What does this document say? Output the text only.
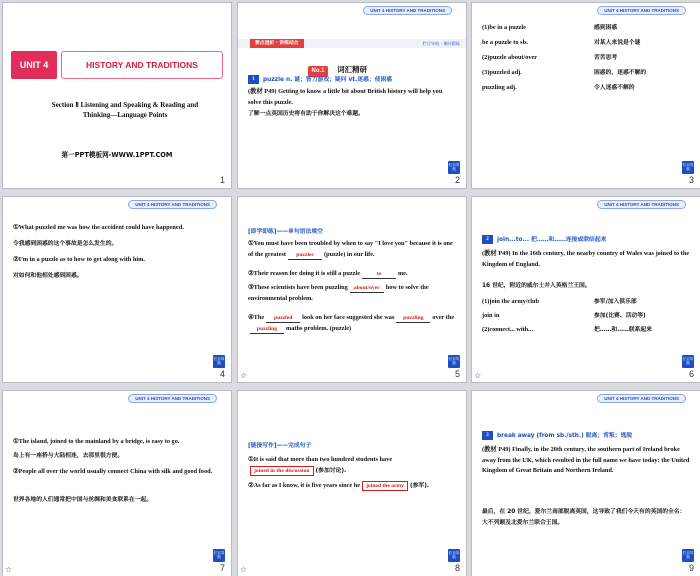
UNIT 4	HISTORY AND TRADITIONS
Section Ⅱ Listening and Speaking & Reading and Thinking—Language Points
第一PPT模板网-WWW.1PPT.COM
1
要点透析 · 讲练结合	栏目导航 · 课时精练
UNIT 4 HISTORY AND TRADITIONS
No.1 词汇精研
1 puzzle n. 谜；智力游戏；疑问 vt.迷惑；使困惑
(教材 P49) Getting to know a little bit about British history will help you solve this puzzle.
了解一点英国历史将有助于你解决这个难题。
栏目导航
2
UNIT 4 HISTORY AND TRADITIONS
(1)be in a puzzle	感到困惑
be a puzzle to sb.	对某人来说是个谜
(2)puzzle about/over	苦苦思考
(3)puzzled adj.	困惑的，迷惑不解的
puzzling adj.	令人迷惑不解的
栏目导航
3
UNIT 4 HISTORY AND TRADITIONS
①What puzzled me was how the accident could have happened.
令我感到困惑的这个事故是怎么发生的。
②I'm in a puzzle as to how to get along with him.
对如何和他相处感到困惑。
栏目导航
4
[即学即练]——单句语法填空
①You must have been troubled by when to say "I love you" because it is one of the greatest puzzles (puzzle) in our life.
②Their reason for doing it is still a puzzle	to	me.
③These scientists have been puzzling about/over how to solve the environmental problem.
④The puzzled look on her face suggested she was puzzling over thepuzzling maths problem. (puzzle)
栏目导航
☆	5
UNIT 4 HISTORY AND TRADITIONS
2 join...to... 把……和……连接或联结起来
(教材 P49) In the 16th century, the nearby country of Wales was joined to the Kingdom of England.
16 世纪，附近的威尔士并入英格兰王国。
(1)join the army/club	参军/加入俱乐部
join in	参加(比赛、活动等)
(2)connect... with...	把……和……联系起来
栏目导航
☆	6
UNIT 4 HISTORY AND TRADITIONS
①The island, joined to the mainland by a bridge, is easy to go.
岛上有一座桥与大陆相连，去那里很方便。
②People all over the world usually connect China with silk and good food.
世界各地的人们通常把中国与丝绸和美食联系在一起。
栏目导航
☆	7
[链接写作]——完成句子
①It is said that more than two hundred students havejoined in the discussion (参加讨论).
②As far as I know, it is five years since he joined the army (参军).
栏目导航
☆	8
UNIT 4 HISTORY AND TRADITIONS
3 break away (from sb./sth.) 脱离；背叛；逃脱
(教材 P49) Finally, in the 20th century, the southern part of Ireland broke away from the UK, which resulted in the full name we have today: the United Kingdom of Great Britain and Northern Ireland.
最后，在 20 世纪，爱尔兰南部脱离英国，这导致了我们今天有的英国的全名：大不列颠及北爱尔兰联合王国。
栏目导航
9
